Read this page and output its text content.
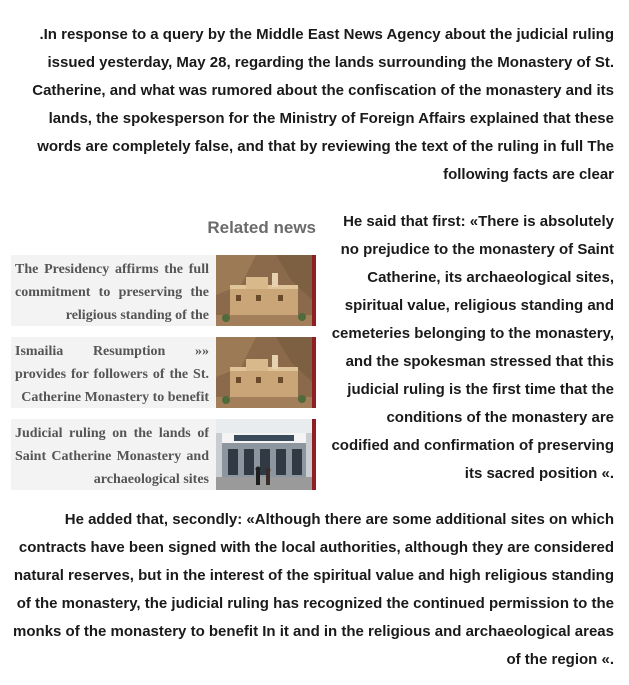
.In response to a query by the Middle East News Agency about the judicial ruling issued yesterday, May 28, regarding the lands surrounding the Monastery of St. Catherine, and what was rumored about the confiscation of the monastery and its lands, the spokesperson for the Ministry of Foreign Affairs explained that these words are completely false, and that by reviewing the text of the ruling in full The following facts are clear
Related news
The Presidency affirms the full commitment to preserving the religious standing of the
Ismailia Resumption »» provides for followers of the St. Catherine Monastery to benefit
Judicial ruling on the lands of Saint Catherine Monastery and archaeological sites
He said that first: «There is absolutely no prejudice to the monastery of Saint Catherine, its archaeological sites, spiritual value, religious standing and cemeteries belonging to the monastery, and the spokesman stressed that this judicial ruling is the first time that the conditions of the monastery are codified and confirmation of preserving its sacred position «.
He added that, secondly: «Although there are some additional sites on which contracts have been signed with the local authorities, although they are considered natural reserves, but in the interest of the spiritual value and high religious standing of the monastery, the judicial ruling has recognized the continued permission to the monks of the monastery to benefit In it and in the religious and archaeological areas of the region «.
